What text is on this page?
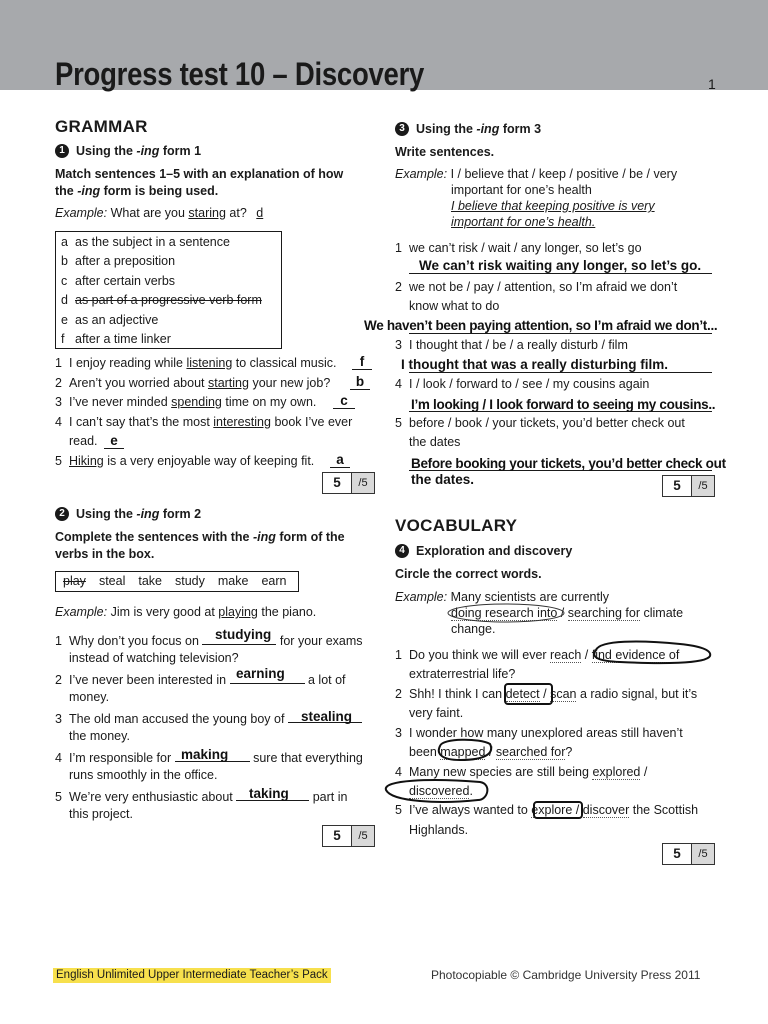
Progress test 10 – Discovery	1
GRAMMAR
1 Using the -ing form 1
Match sentences 1–5 with an explanation of how
the -ing form is being used.
Example: What are you staring at? d
a as the subject in a sentence
b after a preposition
c after certain verbs
d as part of a progressive verb form
e as an adjective
f after a time linker
1 I enjoy reading while listening to classical music.	f
2 Aren’t you worried about starting your new job?	b
3 I’ve never minded spending time on my own.	c
4 I can’t say that’s the most interesting book I’ve ever
read. e
5 Hiking is a very enjoyable way of keeping fit.	a
5	/5
2 Using the -ing form 2
Complete the sentences with the -ing form of the
verbs in the box.
play steal take study make earn
Example: Jim is very good at playing the piano.
1 Why don’t you focus on	for your exams
studying
instead of watching television?
2 I’ve never been interested in	a lot of
earning
money.
3 The old man accused the young boy of stealing
the money.
4 I’m responsible for	sure that everything
making
runs smoothly in the office.
5 We’re very enthusiastic about	part in
taking
this project.
5	/5
3 Using the -ing form 3
Write sentences.
Example: I / believe that / keep / positive / be / very
important for one’s health
I believe that keeping positive is very
important for one’s health.
1 we can’t risk / wait / any longer, so let’s go
We can’t risk waiting any longer, so let’s go.
2 we not be / pay / attention, so I’m afraid we don’t
know what to do
We haven’t been paying attention, so I’m afraid we don’t...
3 I thought that / be / a really disturb / film
I thought that was a really disturbing film.
4 I / look / forward to / see / my cousins again
I’m looking / I look forward to seeing my cousins..
5 before / book / your tickets, you’d better check out
the dates
Before booking your tickets, you’d better check out
the dates.	5	/5
VOCABULARY
4 Exploration and discovery
Circle the correct words.
Example: Many scientists are currently
doing research into / searching for climate
change.
1 Do you think we will ever reach / find evidence of
extraterrestrial life?
2 Shh! I think I can detect / scan a radio signal, but it’s
very faint.
3 I wonder how many unexplored areas still haven’t
been mapped / searched for?
4 Many new species are still being explored /
discovered.
5 I’ve always wanted to explore / discover the Scottish
Highlands.
5	/5
English Unlimited Upper Intermediate Teacher’s Pack	Photocopiable © Cambridge University Press 2011
